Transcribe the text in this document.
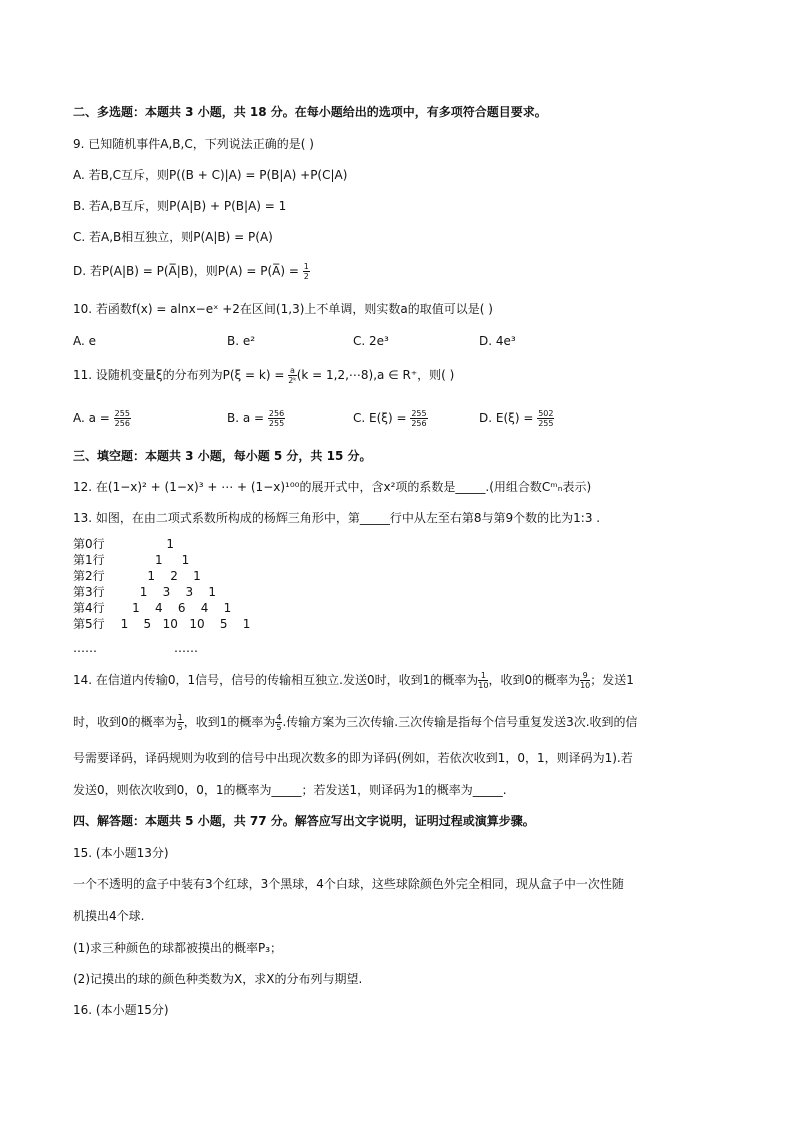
二、多选题：本题共 3 小题，共 18 分。在每小题给出的选项中，有多项符合题目要求。
9. 已知随机事件A,B,C，下列说法正确的是( )
A. 若B,C互斥，则P((B + C)|A) = P(B|A) +P(C|A)
B. 若A,B互斥，则P(A|B) + P(B|A) = 1
C. 若A,B相互独立，则P(A|B) = P(A)
D. 若P(A|B) = P(A̅|B)，则P(A) = P(A̅) = $\frac{1}{2}$
10. 若函数f(x) = alnx−eˣ +2在区间(1,3)上不单调，则实数a的取值可以是( )
A. e	B. e²	C. 2e³	D. 4e³
11. 设随机变量ξ的分布列为$P(\xi = k) = \frac{a}{\text{2ᵏ}} (k$ = 1,2,⋯8),a ∈ R⁺，则( )
A. $a = \frac{255}{256}$	B. $a = \frac{256}{255}$	C. $E(\xi) = \frac{255}{256}$	D. $E(\xi) = \frac{502}{255}$
三、填空题：本题共 3 小题，每小题 5 分，共 15 分。
12. 在(1−x)² + (1−x)³ + ⋯ + (1−x)¹⁰⁰的展开式中，含x²项的系数是_____.(用组合数Cᵐₙ表示)
13. 如图，在由二项式系数所构成的杨辉三角形中，第_____行中从左至右第8与第9个数的比为1:3 .
第0行              1
第1行           1     1
第2行         1    2    1
第3行       1    3    3    1
第4行     1    4    6    4    1
第5行  1    5   10   10    5    1
……                ……
14. 在信道内传输0，1信号，信号的传输相互独立.发送0时，收到1的概率为 $\frac{1}{10}$ ，收到0的概率为 $\frac{9}{10}$ ；发送1
时，收到0的概率为 $\frac{1}{5}$ ，收到1的概率为 $\frac{4}{5}$ .传输方案为三次传输.三次传输是指每个信号重复发送3次.收到的信
号需要译码，译码规则为收到的信号中出现次数多的即为译码(例如，若依次收到1，0，1，则译码为1).若
发送0，则依次收到0，0，1的概率为_____；若发送1，则译码为1的概率为_____.
四、解答题：本题共 5 小题，共 77 分。解答应写出文字说明，证明过程或演算步骤。
15. (本小题13分)
一个不透明的盒子中装有3个红球，3个黑球，4个白球，这些球除颜色外完全相同，现从盒子中一次性随
机摸出4个球.
(1)求三种颜色的球都被摸出的概率P₃；
(2)记摸出的球的颜色种类数为X，求X的分布列与期望.
16. (本小题15分)
